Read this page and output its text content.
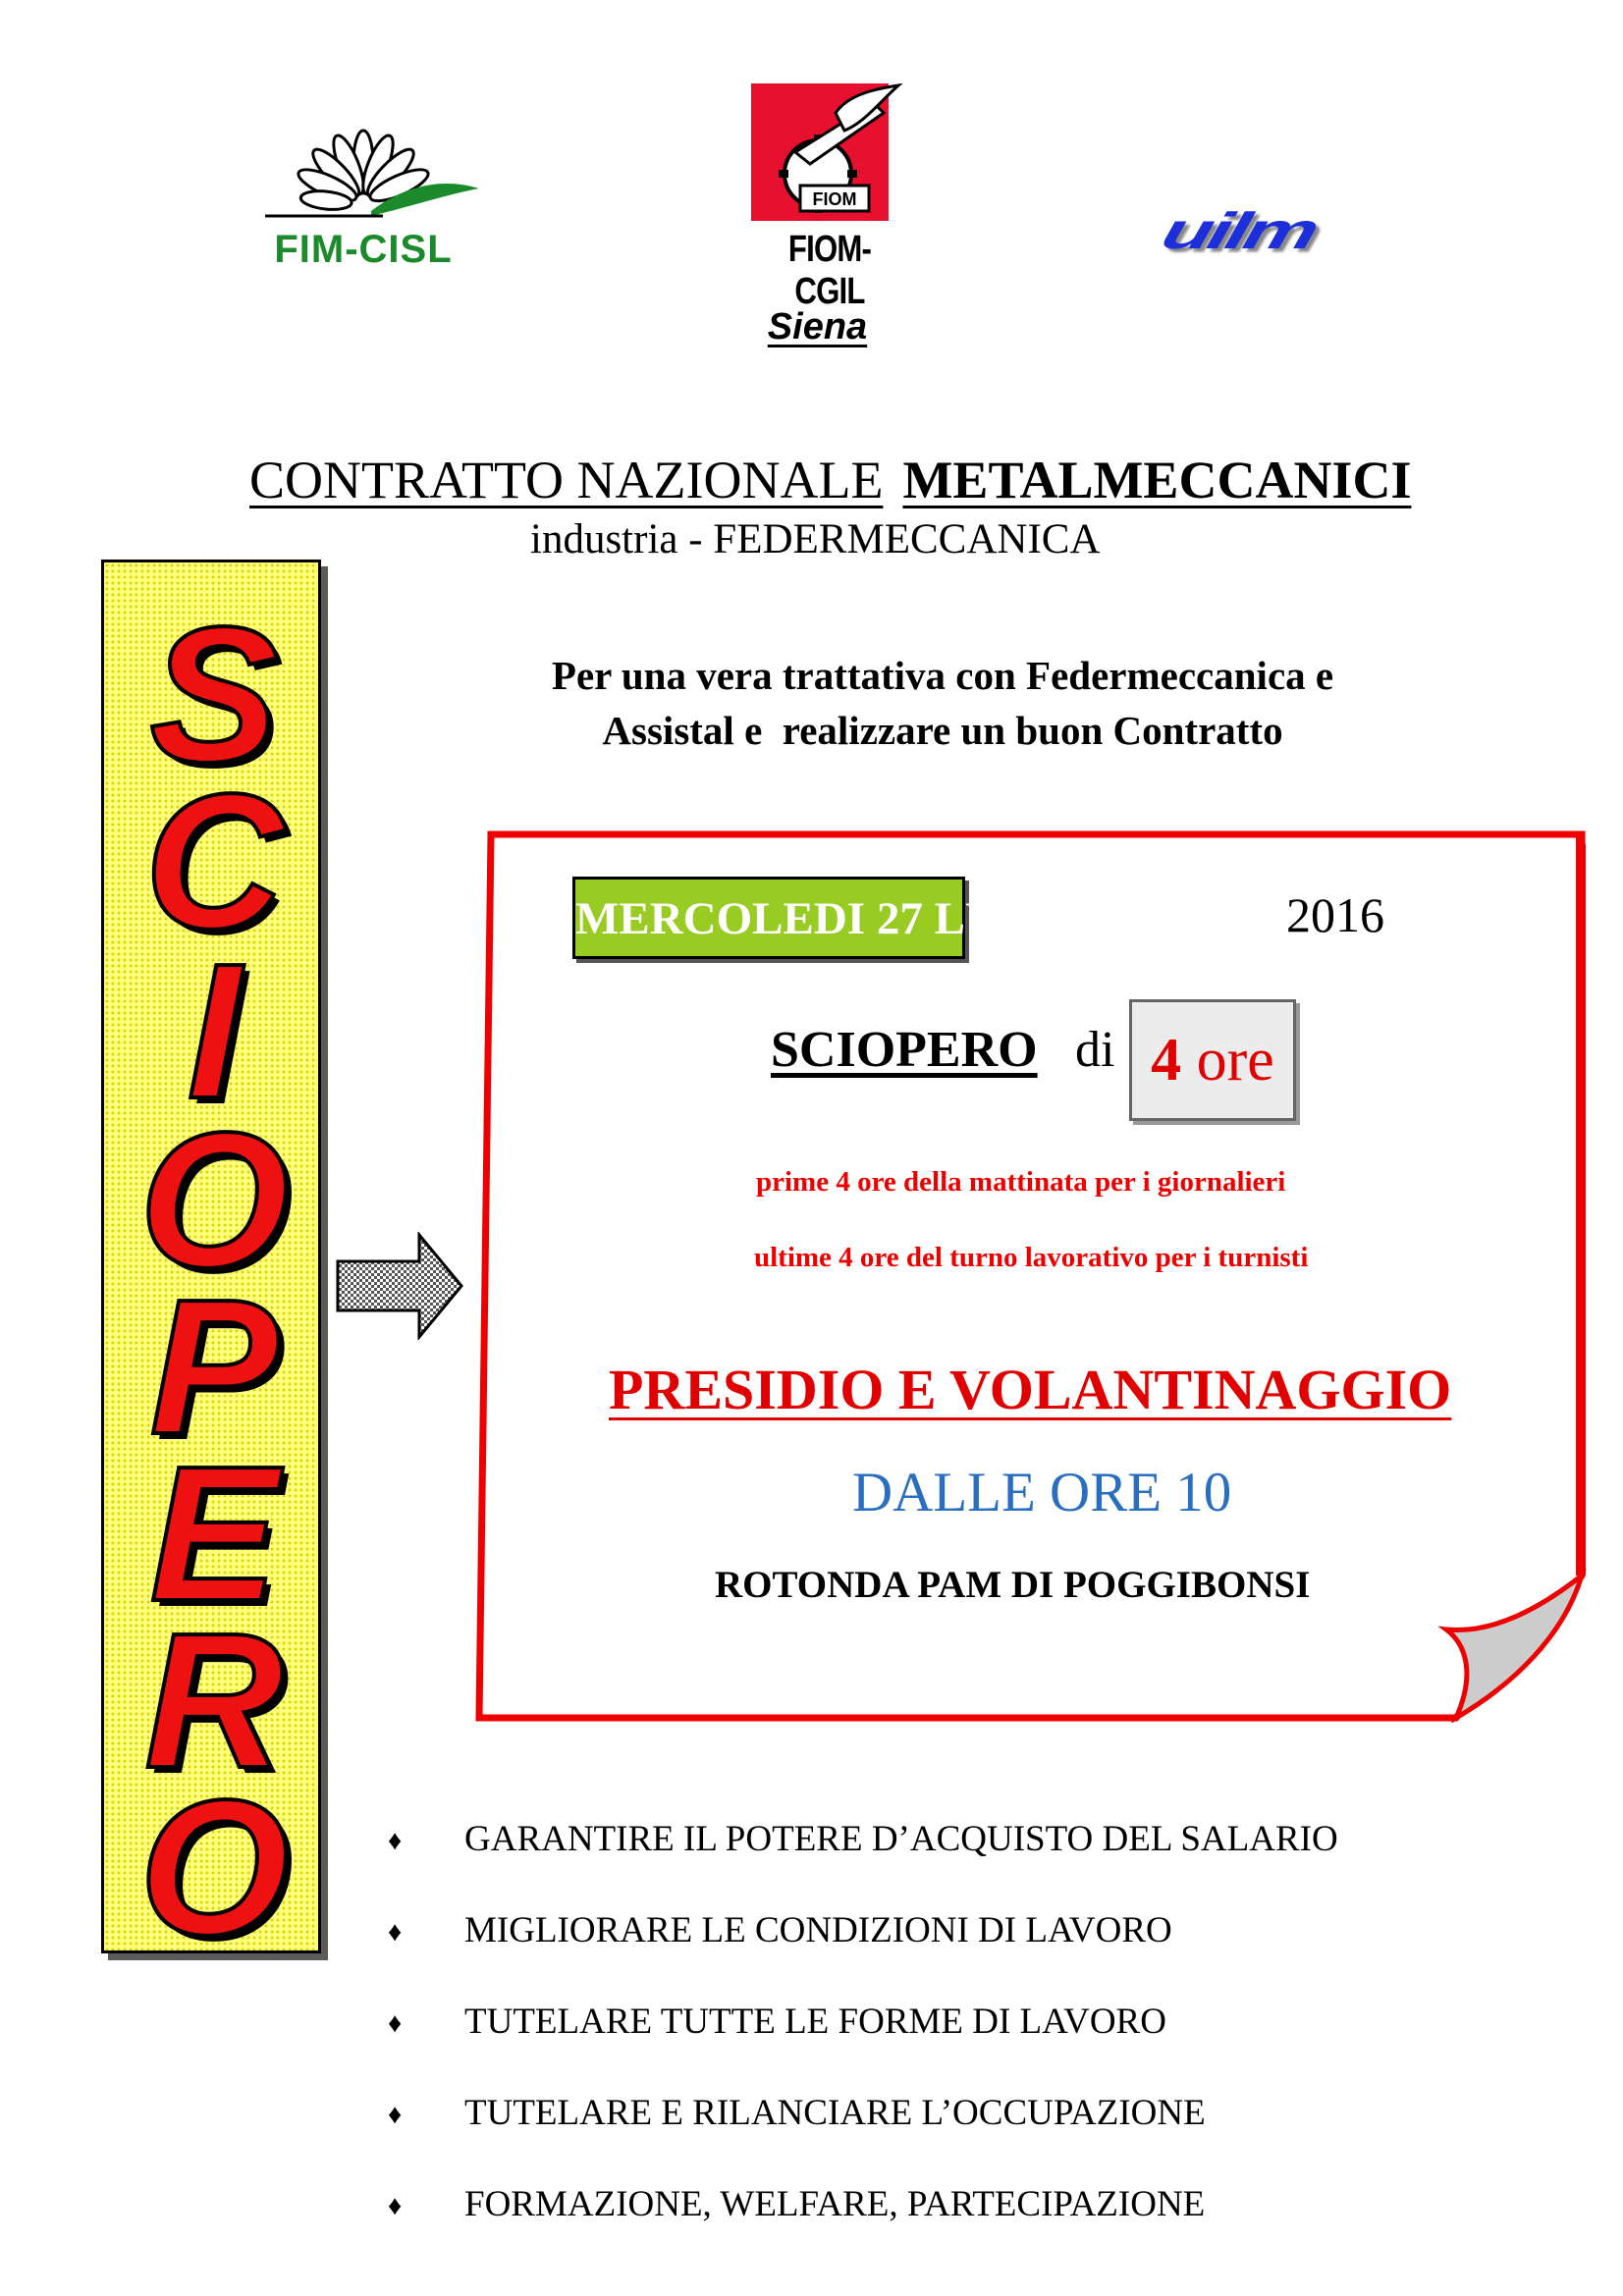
FIM-CISL
FIOM
FIOM-CGIL
uilm
Siena
CONTRATTO NAZIONALE METALMECCANICI
industria - FEDERMECCANICA
Per una vera trattativa con Federmeccanica e
Assistal e  realizzare un buon Contratto
S
C
I
O
P
E
R
O
MERCOLEDI 27 LUGLIO	2016
SCIOPERO di 4 ore
prime 4 ore della mattinata per i giornalieri
ultime 4 ore del turno lavorativo per i turnisti
PRESIDIO E VOLANTINAGGIO
DALLE ORE 10
ROTONDA PAM DI POGGIBONSI
♦ GARANTIRE IL POTERE D’ACQUISTO DEL SALARIO
♦ MIGLIORARE LE CONDIZIONI DI LAVORO
♦ TUTELARE TUTTE LE FORME DI LAVORO
♦ TUTELARE E RILANCIARE L’OCCUPAZIONE
♦ FORMAZIONE, WELFARE, PARTECIPAZIONE
